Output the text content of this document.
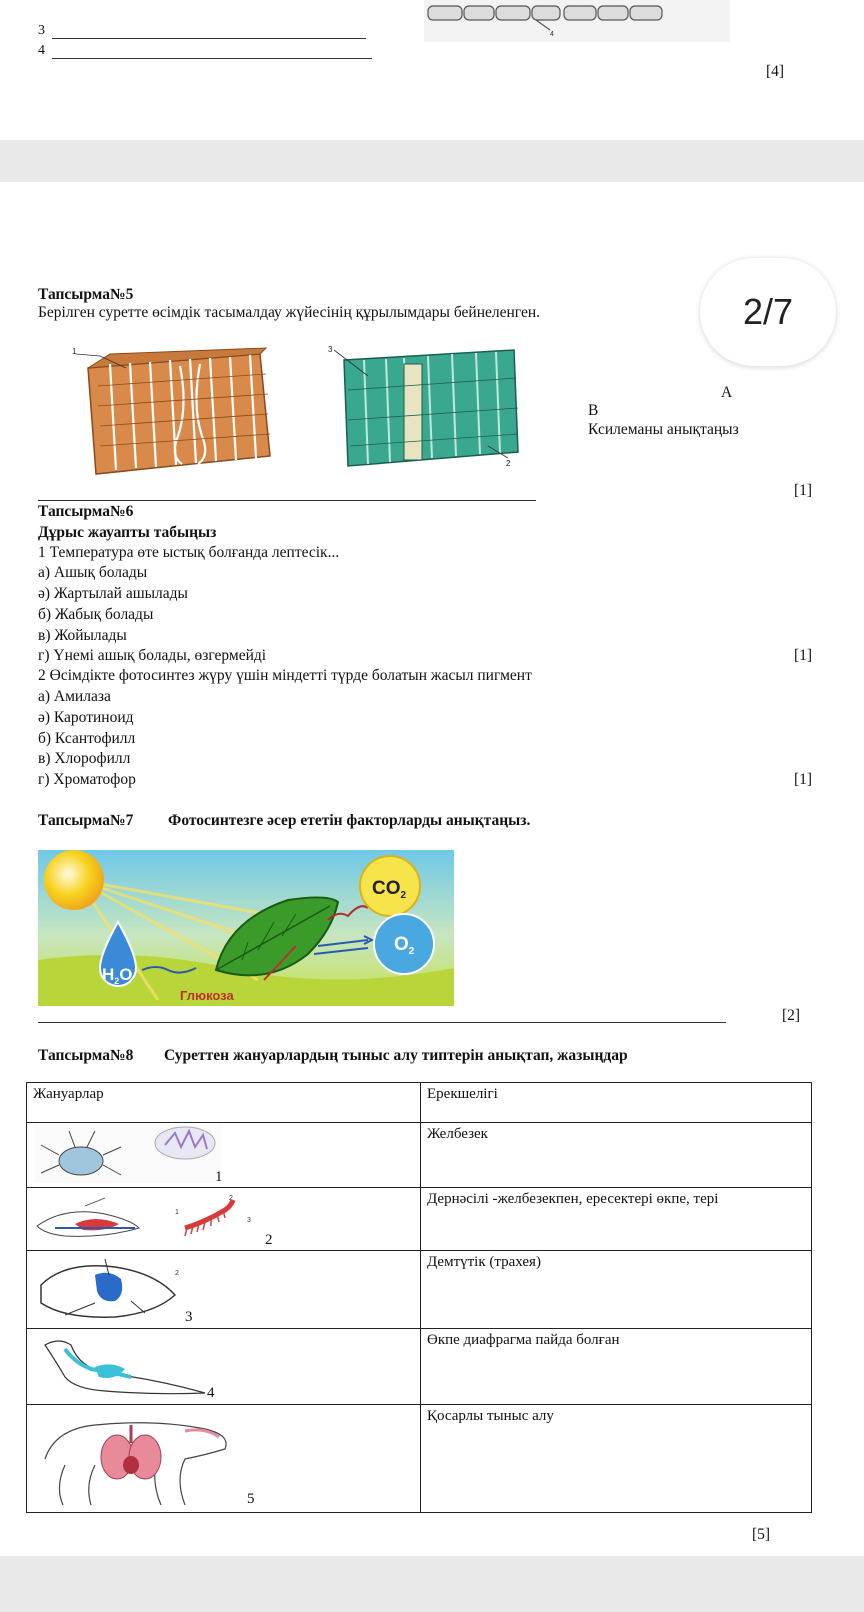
3
4
4
[4]
2/7
Тапсырма№5
Берілген суретте өсімдік тасымалдау жүйесінің құрылымдары бейнеленген.
1	3
2
А
В
Ксилеманы анықтаңыз
[1]
Тапсырма№6
Дұрыс жауапты табыңыз
1 Температура өте ыстық болғанда лептесік...
а) Ашық болады
ә) Жартылай ашылады
б) Жабық болады
в) Жойылады
г) Үнемі ашық болады, өзгермейді	[1]
2 Өсімдікте фотосинтез жүру үшін міндетті түрде болатын жасыл пигмент
а) Амилаза
ә) Каротиноид
б) Ксантофилл
в) Хлорофилл
г) Хроматофор	[1]
Тапсырма№7 Фотосинтезге әсер ететін факторларды анықтаңыз.
$H_2O$
$CO_2$
$O_2$
Глюкоза
[2]
Тапсырма№8 Суреттен жануарлардың тыныс алу типтерін анықтап, жазыңдар
Жануарлар	Ерекшелігі

1	Желбезек

2
3
1
2	Дернәсілі -желбезекпен, ересектері өкпе, тері

2
3	Демтүтік (трахея)

4	Өкпе диафрагма пайда болған

5	Қосарлы тыныс алу
[5]
